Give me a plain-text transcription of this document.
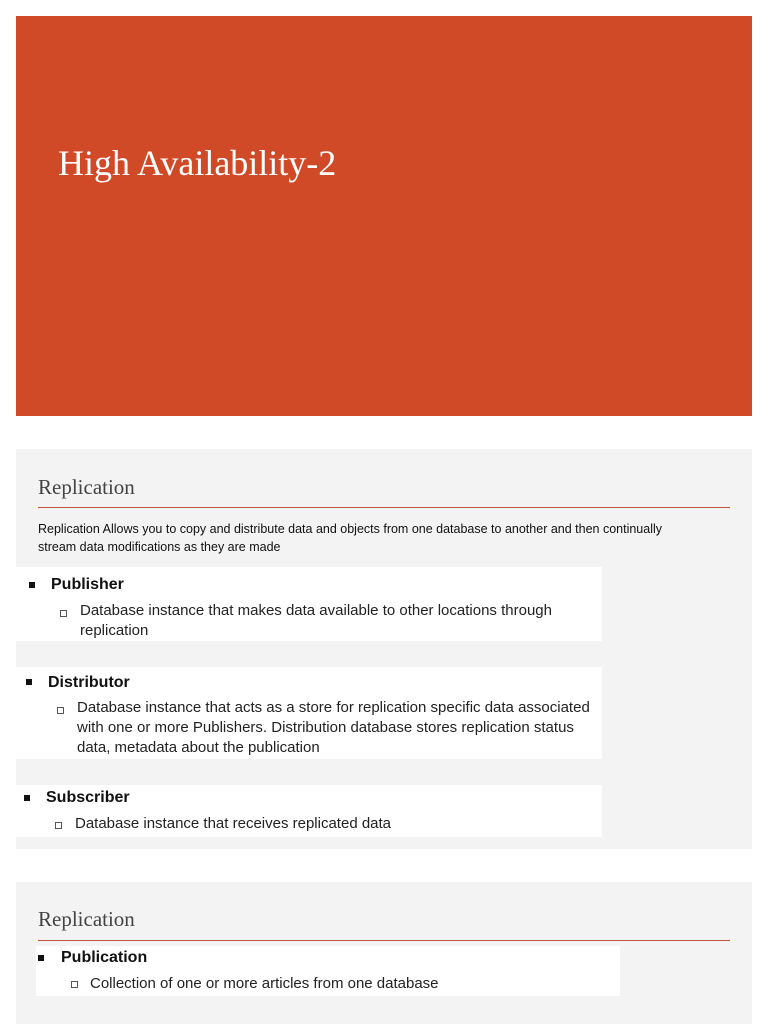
High Availability-2
Replication
Replication Allows you to copy and distribute data and objects from one database to another and then continually stream data modifications as they are made
Publisher
Database instance that makes data available to other locations through replication
Distributor
Database instance that acts as a store for replication specific data associated with one or more Publishers. Distribution database stores replication status data, metadata about the publication
Subscriber
Database instance that receives replicated data
Replication
Publication
Collection of one or more articles from one database
